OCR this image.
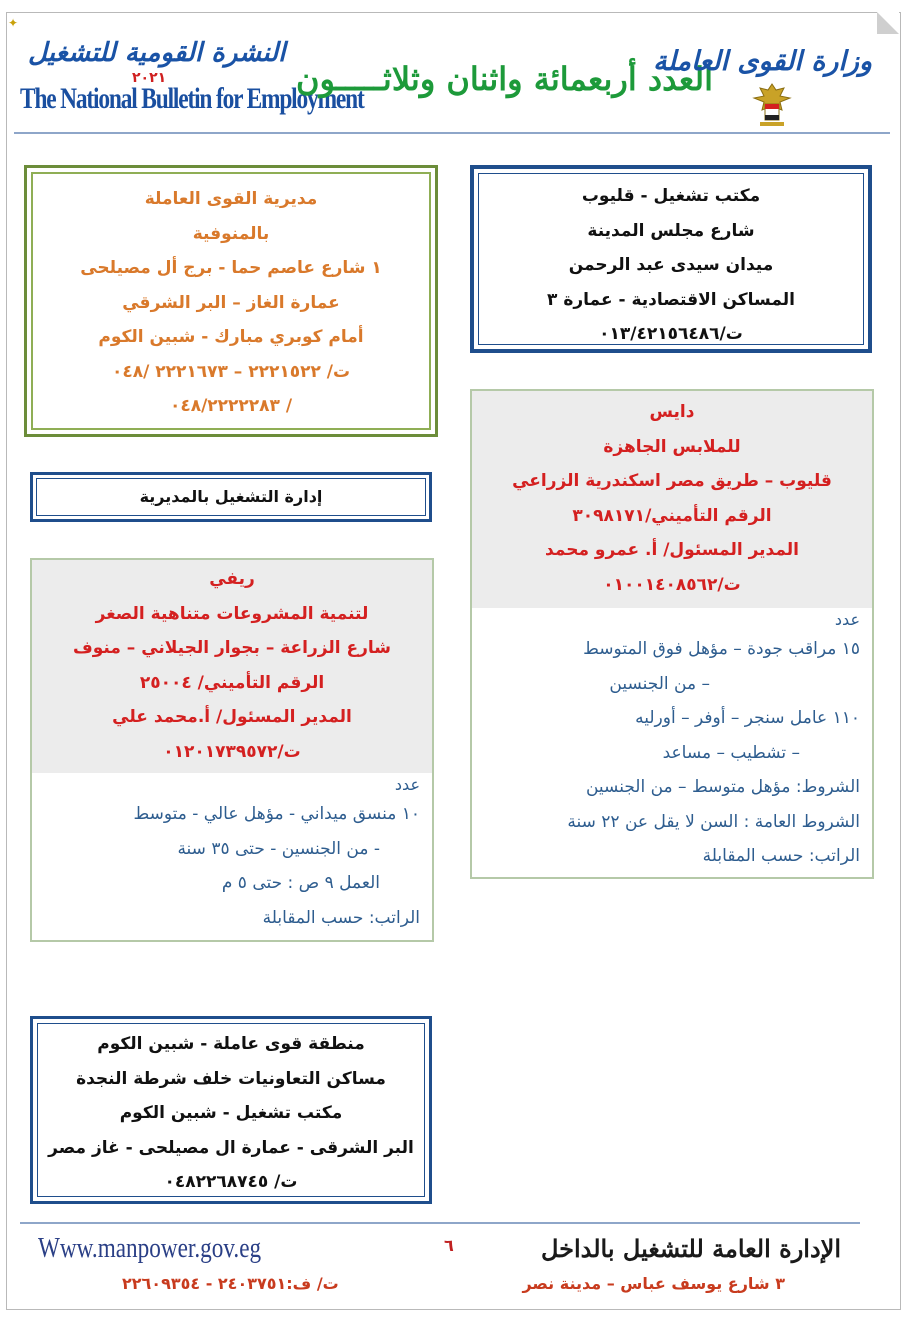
✦
النشرة القومية للتشغيل
٢٠٢١
The National Bulletin for Employment
العدد أربعمائة واثنان وثلاثـــــون
وزارة القوى العاملة
مكتب تشغيل - قليوب
شارع مجلس المدينة
ميدان سيدى عبد الرحمن
المساكن الاقتصادية - عمارة ٣
ت/٠١٣/٤٢١٥٦٤٨٦
مديرية القوى العاملة
بالمنوفية
١ شارع عاصم حما - برج أل مصيلحى
عمارة الغاز – البر الشرقي
أمام كوبري مبارك - شبين الكوم
ت/ ٢٢٢١٥٢٢ – ٢٢٢١٦٧٣ /٠٤٨
/ ٠٤٨/٢٢٢٢٢٨٣
إدارة التشغيل بالمديرية
دايس
للملابس الجاهزة
قليوب – طريق مصر اسكندرية الزراعي
الرقم التأميني/٣٠٩٨١٧١
المدير المسئول/ أ. عمرو محمد
ت/٠١٠٠١٤٠٨٥٦٢
عدد
١٥ مراقب جودة – مؤهل فوق المتوسط
– من الجنسين
١١٠ عامل سنجر – أوفر – أورليه
– تشطيب – مساعد
الشروط: مؤهل متوسط – من الجنسين
الشروط العامة : السن لا يقل عن ٢٢ سنة
الراتب: حسب المقابلة
ريفي
لتنمية المشروعات متناهية الصغر
شارع الزراعة – بجوار الجيلاني – منوف
الرقم التأميني/ ٢٥٠٠٤
المدير المسئول/ أ.محمد علي
ت/٠١٢٠١٧٣٩٥٧٢
عدد
١٠ منسق ميداني - مؤهل عالي - متوسط
- من الجنسين - حتى ٣٥ سنة
العمل ٩ ص : حتى ٥ م
الراتب: حسب المقابلة
منطقة قوى عاملة - شبين الكوم
مساكن التعاونيات خلف شرطة النجدة
مكتب تشغيل - شبين الكوم
البر الشرقى - عمارة ال مصيلحى - غاز مصر
ت/ ٠٤٨٢٢٦٨٧٤٥
Www.manpower.gov.eg	٦
ت/ ف:٢٤٠٣٧٥١ - ٢٢٦٠٩٣٥٤
الإدارة العامة للتشغيل بالداخل
٣ شارع يوسف عباس – مدينة نصر
